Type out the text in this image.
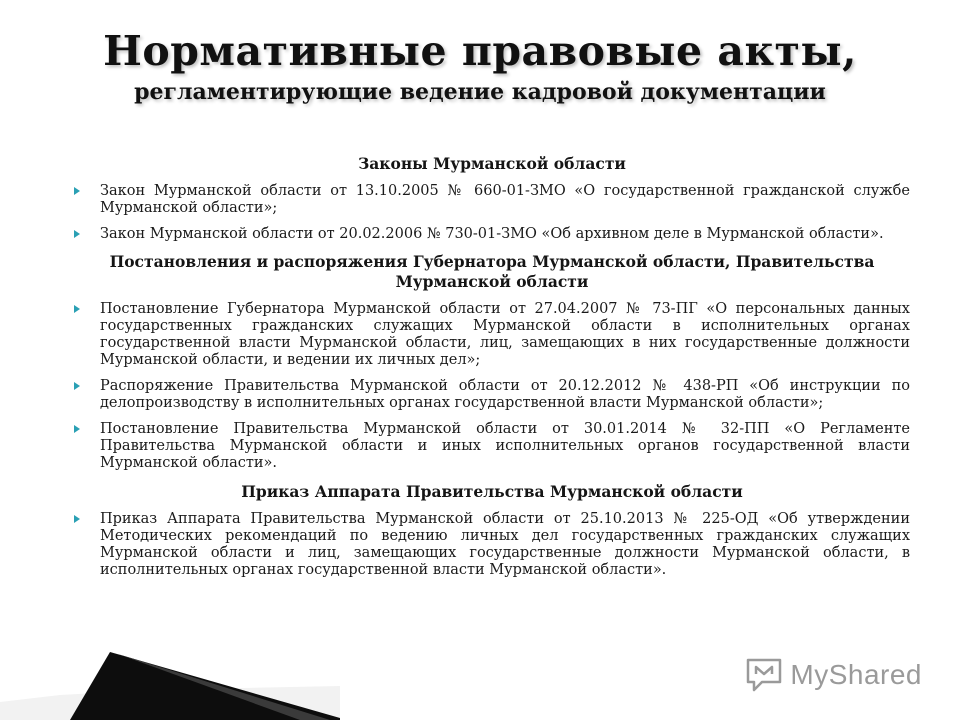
Нормативные правовые акты,
регламентирующие ведение кадровой документации
Законы Мурманской области
Закон Мурманской области от 13.10.2005 № 660-01-ЗМО «О государственной гражданской службе Мурманской области»;
Закон Мурманской области от 20.02.2006 № 730-01-ЗМО «Об архивном деле в Мурманской области».
Постановления и распоряжения Губернатора Мурманской области, Правительства Мурманской области
Постановление Губернатора Мурманской области от 27.04.2007 № 73-ПГ «О персональных данных государственных гражданских служащих Мурманской области в исполнительных органах государственной власти Мурманской области, лиц, замещающих в них государственные должности Мурманской области, и ведении их личных дел»;
Распоряжение Правительства Мурманской области от 20.12.2012 № 438-РП «Об инструкции по делопроизводству в исполнительных органах государственной власти Мурманской области»;
Постановление Правительства Мурманской области от 30.01.2014 № 32-ПП «О Регламенте Правительства Мурманской области и иных исполнительных органов государственной власти Мурманской области».
Приказ Аппарата Правительства Мурманской области
Приказ Аппарата Правительства Мурманской области от 25.10.2013 № 225-ОД «Об утверждении Методических рекомендаций по ведению личных дел государственных гражданских служащих Мурманской области и лиц, замещающих государственные должности Мурманской области, в исполнительных органах государственной власти Мурманской области».
MyShared
